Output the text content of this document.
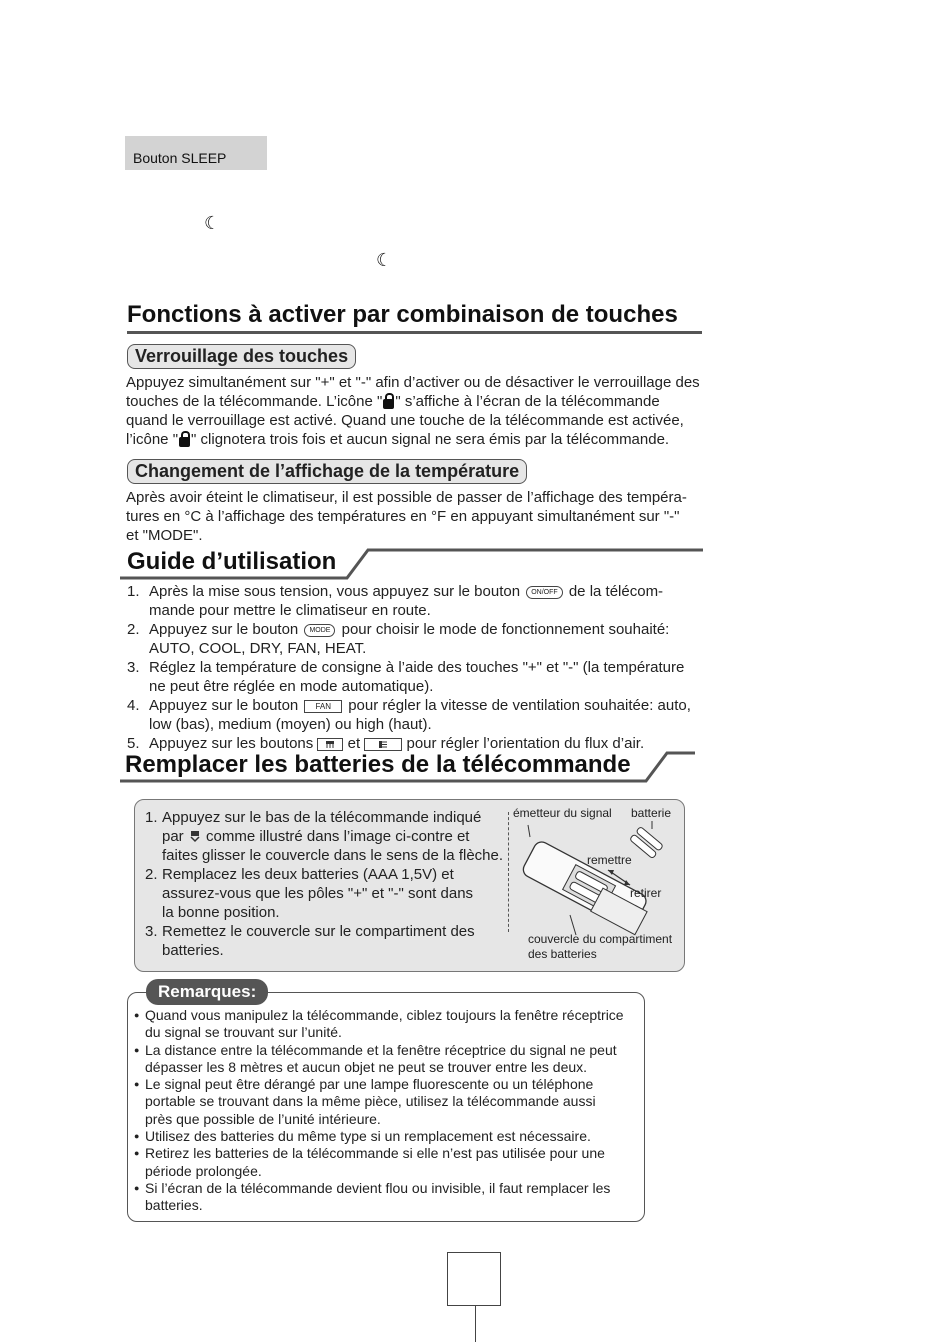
Bouton SLEEP
☾
☾
Fonctions à activer par combinaison de touches
Verrouillage des touches
Appuyez simultanément sur "+" et "-" afin d’activer ou de désactiver le verrouillage des
touches de la télécommande. L’icône " " s’affiche à l’écran de la télécommande
quand le verrouillage est activé. Quand une touche de la télécommande est activée,
l’icône " " clignotera trois fois et aucun signal ne sera émis par la télécommande.
Changement de l’affichage de la température
Après avoir éteint le climatiseur, il est possible de passer de l’affichage des tempéra-
tures en °C à l’affichage des températures en °F en appuyant simultanément sur "-"
et "MODE".
Guide d’utilisation
1. Après la mise sous tension, vous appuyez sur le bouton ON/OFF de la télécom-
mande pour mettre le climatiseur en route.
2. Appuyez sur le bouton MODE pour choisir le mode de fonctionnement souhaité:
AUTO, COOL, DRY, FAN, HEAT.
3. Réglez la température de consigne à l’aide des touches "+" et "-" (la température
ne peut être réglée en mode automatique).
4. Appuyez sur le bouton FAN pour régler la vitesse de ventilation souhaitée: auto,
low (bas), medium (moyen) ou high (haut).
5. Appuyez sur les boutons et	pour régler l’orientation du flux d’air.
Remplacer les batteries de la télécommande
1. Appuyez sur le bas de la télécommande indiqué
par comme illustré dans l’image ci-contre et
faites glisser le couvercle dans le sens de la flèche.
2. Remplacez les deux batteries (AAA 1,5V) et
assurez-vous que les pôles "+" et "-" sont dans
la bonne position.
3. Remettez le couvercle sur le compartiment des
batteries.
émetteur du signal batterie
remettre
retirer
couvercle du compartiment
des batteries
Remarques:
● Quand vous manipulez la télécommande, ciblez toujours la fenêtre réceptrice
du signal se trouvant sur l’unité.
● La distance entre la télécommande et la fenêtre réceptrice du signal ne peut
dépasser les 8 mètres et aucun objet ne peut se trouver entre les deux.
● Le signal peut être dérangé par une lampe fluorescente ou un téléphone
portable se trouvant dans la même pièce, utilisez la télécommande aussi
près que possible de l’unité intérieure.
● Utilisez des batteries du même type si un remplacement est nécessaire.
● Retirez les batteries de la télécommande si elle n’est pas utilisée pour une
période prolongée.
● Si l’écran de la télécommande devient flou ou invisible, il faut remplacer les
batteries.
